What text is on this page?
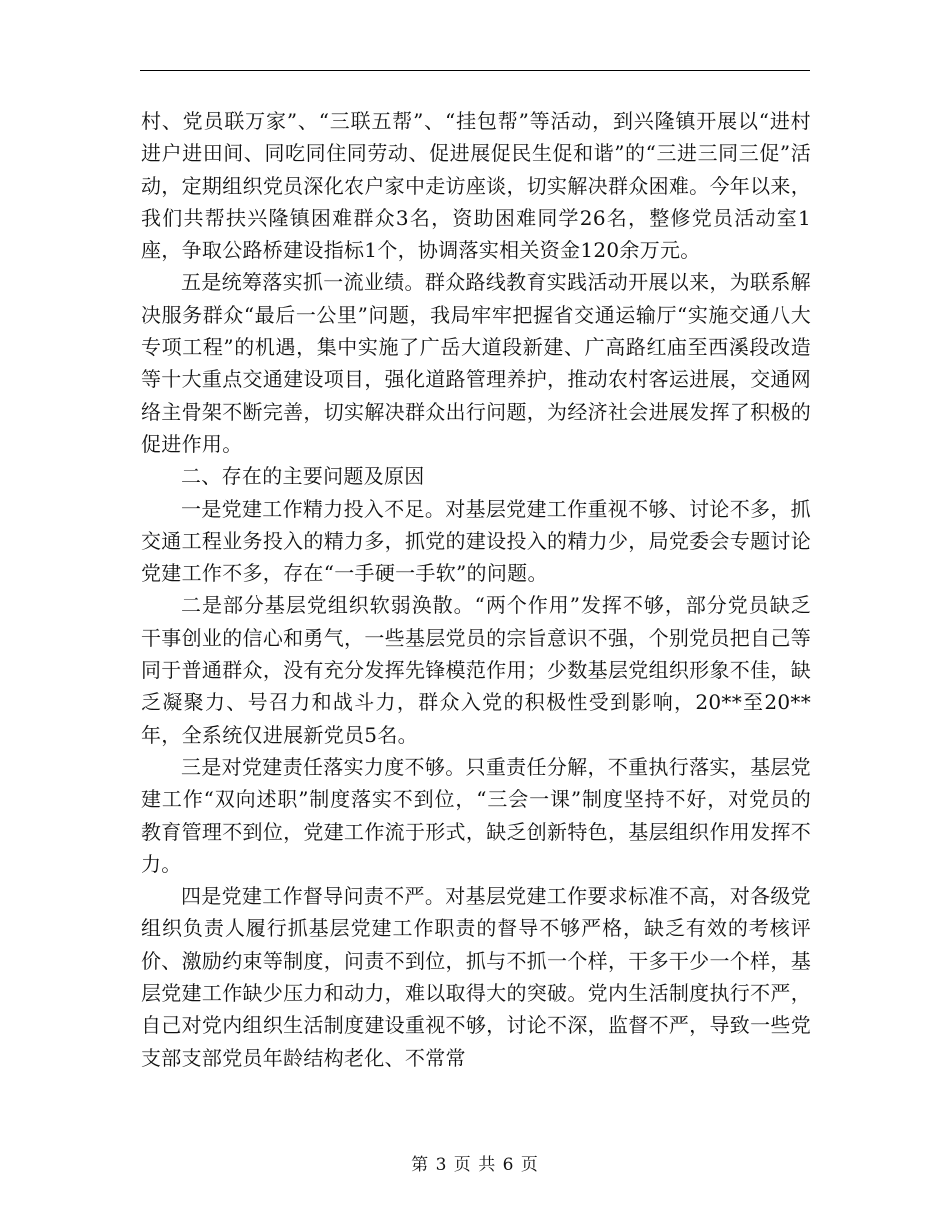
村、党员联万家”、“三联五帮”、“挂包帮”等活动，到兴隆镇开展以“进村进户进田间、同吃同住同劳动、促进展促民生促和谐”的“三进三同三促”活动，定期组织党员深化农户家中走访座谈，切实解决群众困难。今年以来，我们共帮扶兴隆镇困难群众3名，资助困难同学26名，整修党员活动室1座，争取公路桥建设指标1个，协调落实相关资金120余万元。

五是统筹落实抓一流业绩。群众路线教育实践活动开展以来，为联系解决服务群众“最后一公里”问题，我局牢牢把握省交通运输厅“实施交通八大专项工程”的机遇，集中实施了广岳大道段新建、广高路红庙至西溪段改造等十大重点交通建设项目，强化道路管理养护，推动农村客运进展，交通网络主骨架不断完善，切实解决群众出行问题，为经济社会进展发挥了积极的促进作用。

二、存在的主要问题及原因

一是党建工作精力投入不足。对基层党建工作重视不够、讨论不多，抓交通工程业务投入的精力多，抓党的建设投入的精力少，局党委会专题讨论党建工作不多，存在“一手硬一手软”的问题。

二是部分基层党组织软弱涣散。“两个作用”发挥不够，部分党员缺乏干事创业的信心和勇气，一些基层党员的宗旨意识不强，个别党员把自己等同于普通群众，没有充分发挥先锋模范作用；少数基层党组织形象不佳，缺乏凝聚力、号召力和战斗力，群众入党的积极性受到影响，20**至20**年，全系统仅进展新党员5名。

三是对党建责任落实力度不够。只重责任分解，不重执行落实，基层党建工作“双向述职”制度落实不到位，“三会一课”制度坚持不好，对党员的教育管理不到位，党建工作流于形式，缺乏创新特色，基层组织作用发挥不力。

四是党建工作督导问责不严。对基层党建工作要求标准不高，对各级党组织负责人履行抓基层党建工作职责的督导不够严格，缺乏有效的考核评价、激励约束等制度，问责不到位，抓与不抓一个样，干多干少一个样，基层党建工作缺少压力和动力，难以取得大的突破。党内生活制度执行不严，自己对党内组织生活制度建设重视不够，讨论不深，监督不严，导致一些党支部支部党员年龄结构老化、不常常

第 3 页 共 6 页
